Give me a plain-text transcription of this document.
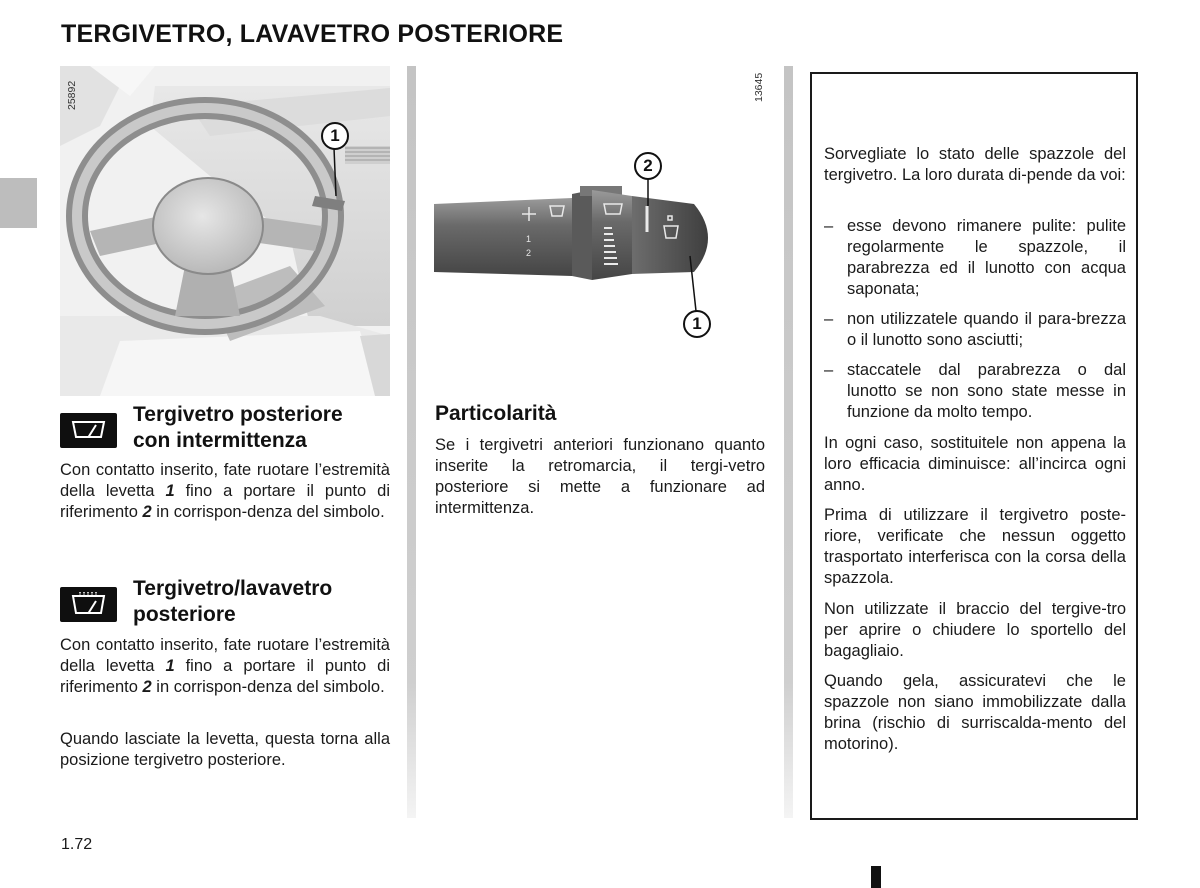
TERGIVETRO, LAVAVETRO POSTERIORE
25892
1
Tergivetro posteriore con intermittenza

Con contatto inserito, fate ruotare l’estremità della levetta 1 fino a portare il punto di riferimento 2 in corrispon-denza del simbolo.

Tergivetro/lavavetro posteriore

Con contatto inserito, fate ruotare l’estremità della levetta 1 fino a portare il punto di riferimento 2 in corrispon-denza del simbolo.

Quando lasciate la levetta, questa torna alla posizione tergivetro posteriore.

1
2
13645
2
1
Particolarità

Se i tergivetri anteriori funzionano quanto inserite la retromarcia, il tergi-vetro posteriore si mette a funzionare ad intermittenza.

Sorvegliate lo stato delle spazzole del tergivetro. La loro durata di-pende da voi:

– esse devono rimanere pulite: pulite regolarmente le spazzole, il parabrezza ed il lunotto con acqua saponata;
– non utilizzatele quando il para-brezza o il lunotto sono asciutti;
– staccatele dal parabrezza o dal lunotto se non sono state messe in funzione da molto tempo.

In ogni caso, sostituitele non appena la loro efficacia diminuisce: all’incirca ogni anno.

Prima di utilizzare il tergivetro poste-riore, verificate che nessun oggetto trasportato interferisca con la corsa della spazzola.

Non utilizzate il braccio del tergive-tro per aprire o chiudere lo sportello del bagagliaio.

Quando gela, assicuratevi che le spazzole non siano immobilizzate dalla brina (rischio di surriscalda-mento del motorino).

1.72
